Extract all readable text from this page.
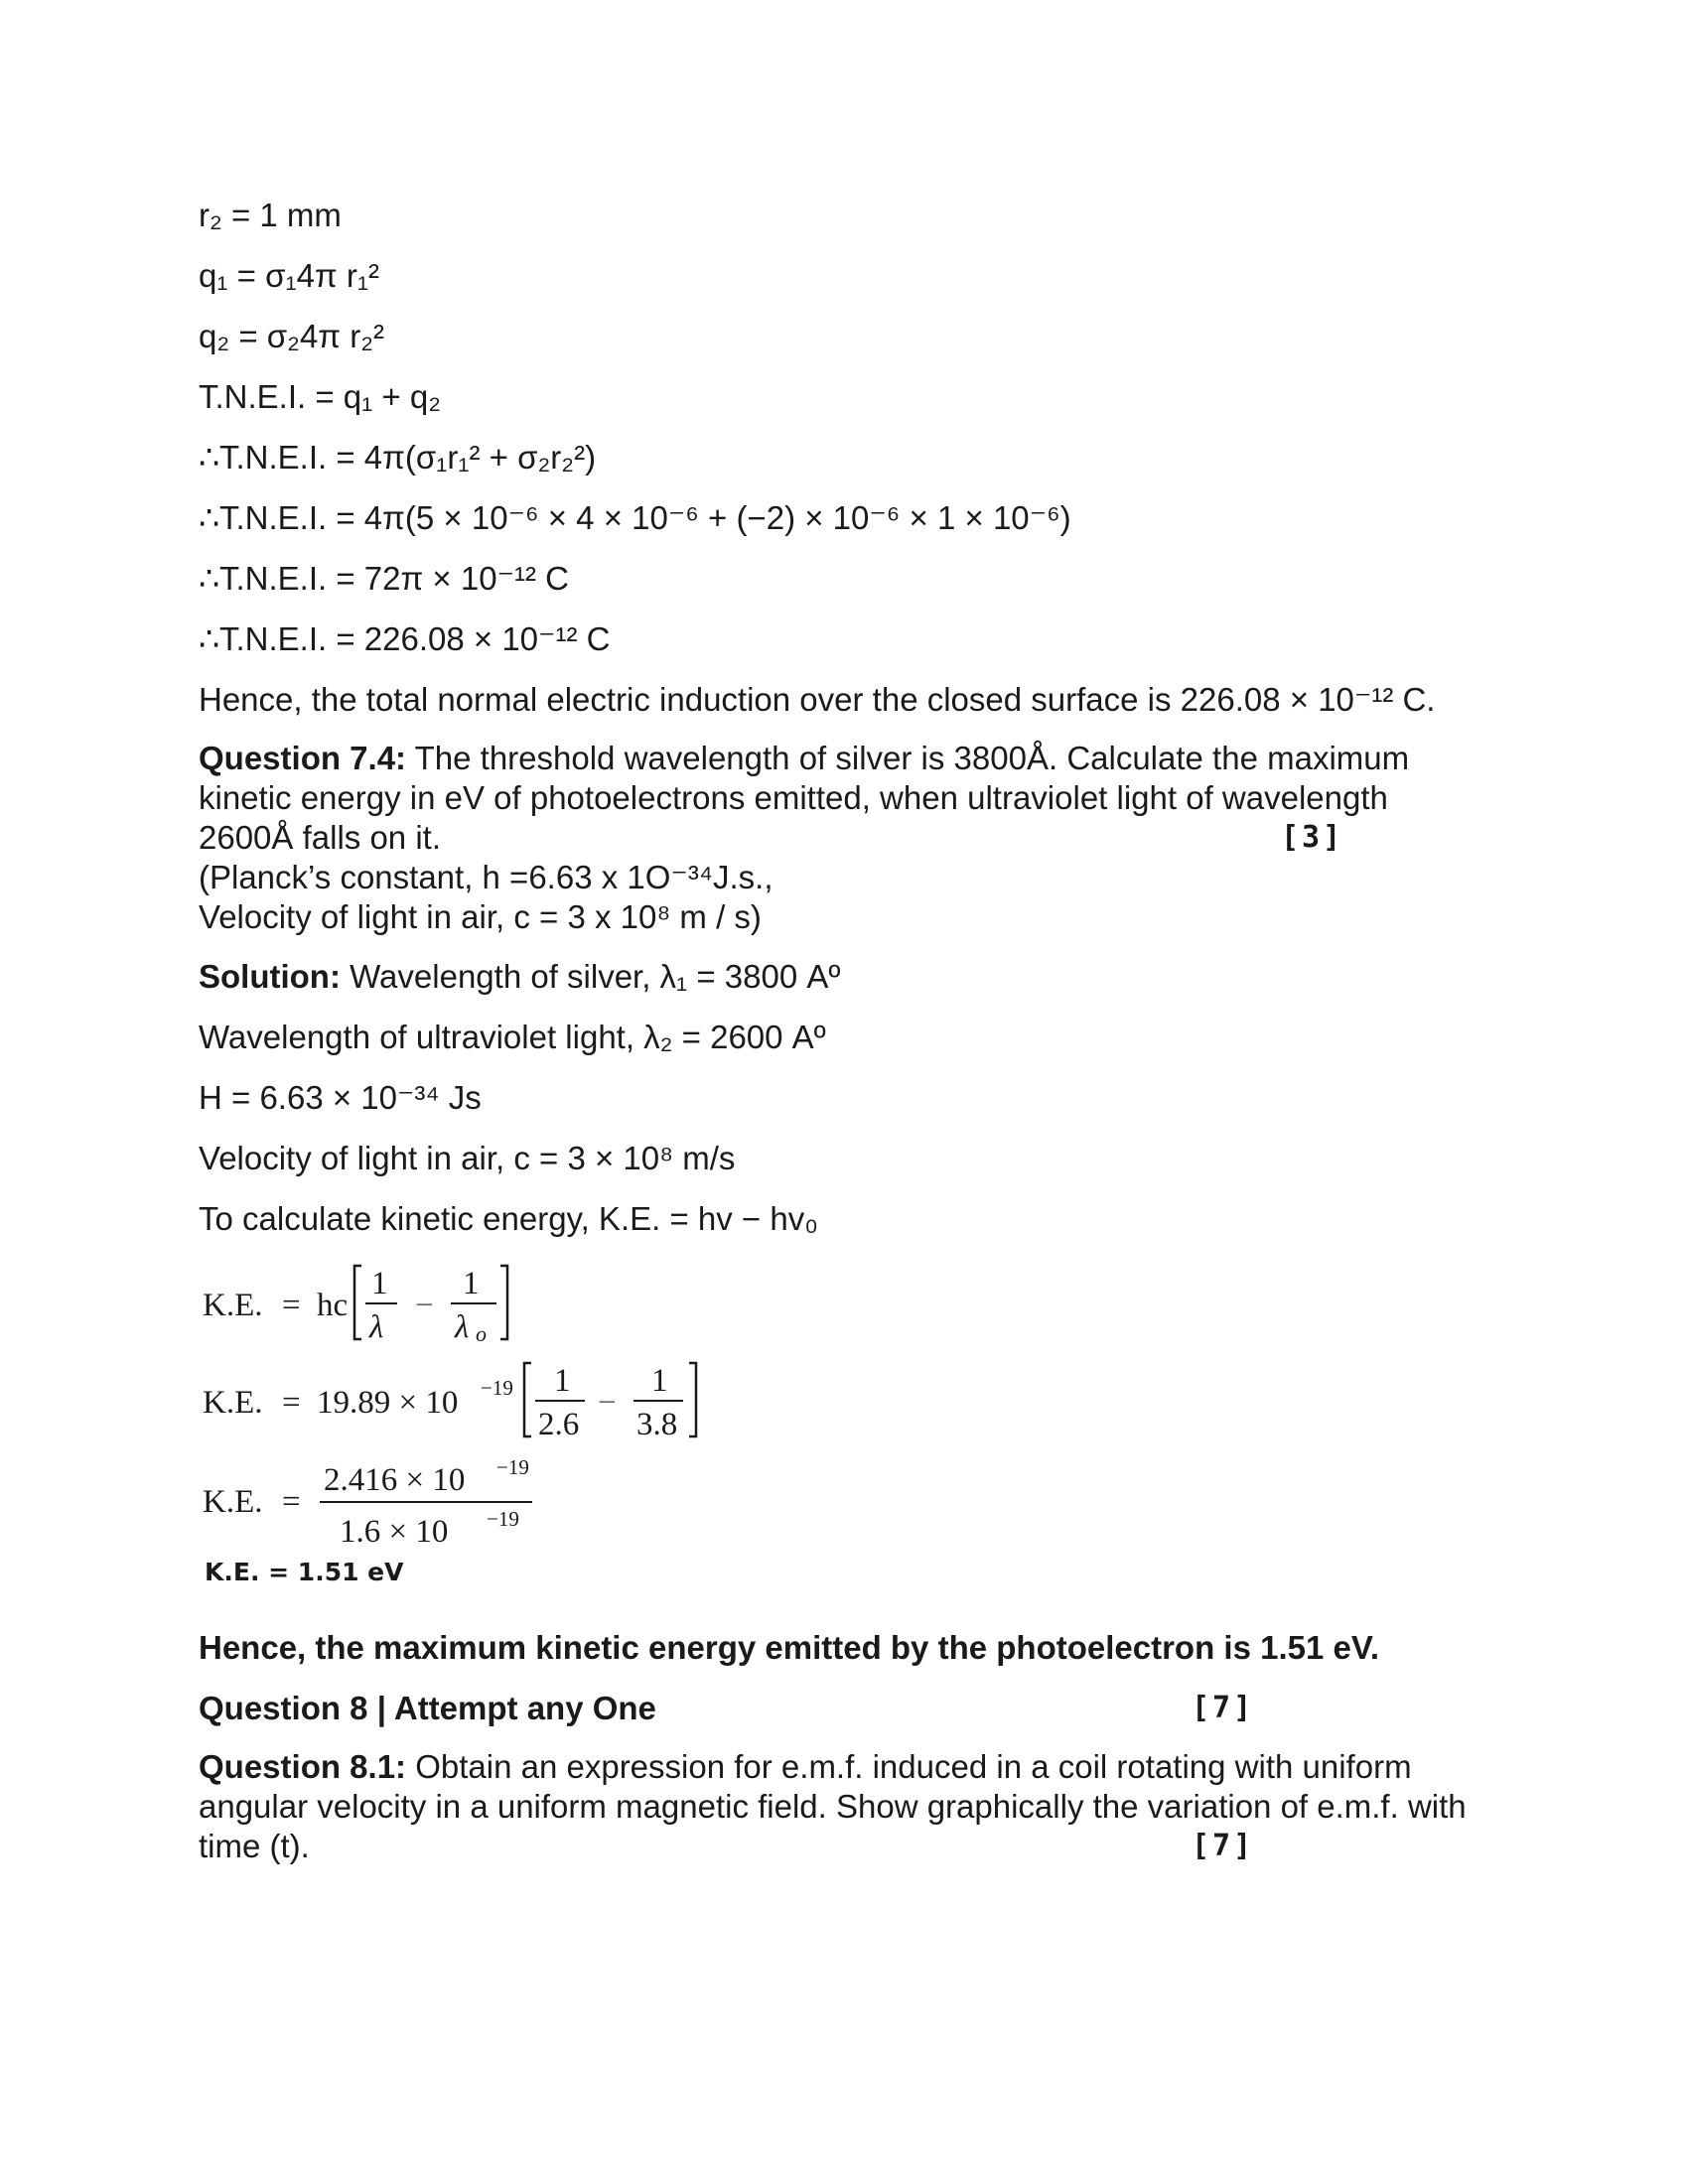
r₂ = 1 mm
q₁ = σ₁4π r₁²
q₂ = σ₂4π r₂²
T.N.E.I. = q₁ + q₂
∴T.N.E.I. = 4π(σ₁r₁² + σ₂r₂²)
∴T.N.E.I. = 4π(5 × 10⁻⁶ × 4 × 10⁻⁶ + (−2) × 10⁻⁶ × 1 × 10⁻⁶)
∴T.N.E.I. = 72π × 10⁻¹² C
∴T.N.E.I. = 226.08 × 10⁻¹² C
Hence, the total normal electric induction over the closed surface is 226.08 × 10⁻¹² C.
Question 7.4: The threshold wavelength of silver is 3800Å. Calculate the maximum
kinetic energy in eV of photoelectrons emitted, when ultraviolet light of wavelength
2600Å falls on it.	[3]
(Planck’s constant, h =6.63 x 1O⁻³⁴J.s.,
Velocity of light in air, c = 3 x 10⁸ m / s)
Solution: Wavelength of silver, λ₁ = 3800 Aº
Wavelength of ultraviolet light, λ₂ = 2600 Aº
H = 6.63 × 10⁻³⁴ Js
Velocity of light in air, c = 3 × 10⁸ m/s
To calculate kinetic energy, K.E. = hv − hv₀
K.E. = hc
1
λ
−
1
λ o
K.E. = 19.89 × 10 −19 1
2.6
−
1
3.8
K.E. =
2.416 × 10 −19
1.6 × 10 −19
K.E. = 1.51 eV
Hence, the maximum kinetic energy emitted by the photoelectron is 1.51 eV.
Question 8 | Attempt any One	[7]
Question 8.1: Obtain an expression for e.m.f. induced in a coil rotating with uniform
angular velocity in a uniform magnetic field. Show graphically the variation of e.m.f. with
time (t).	[7]
